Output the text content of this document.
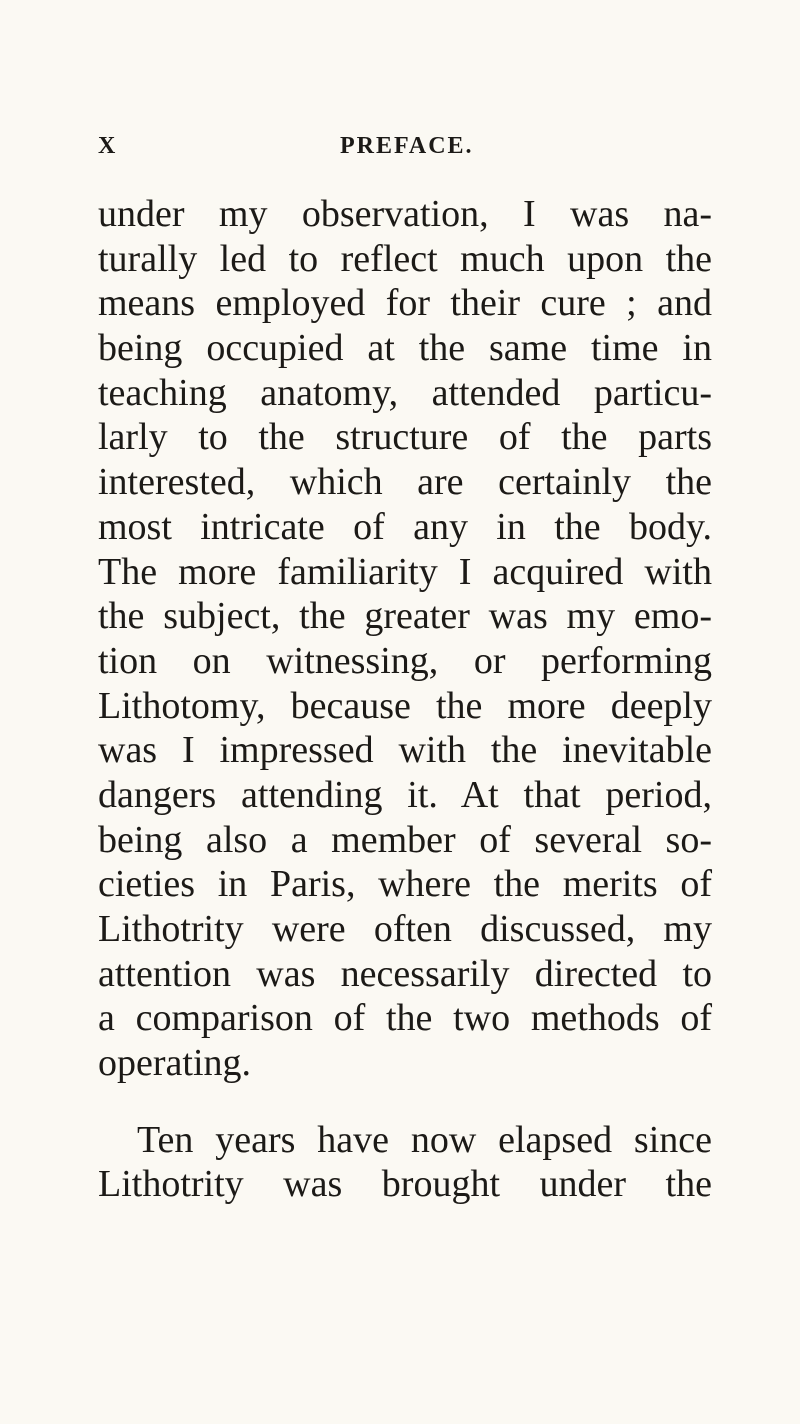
X	PREFACE.
under my observation, I was na-
turally led to reflect much upon the
means employed for their cure ; and
being occupied at the same time in
teaching anatomy, attended particu-
larly to the structure of the parts
interested, which are certainly the
most intricate of any in the body.
The more familiarity I acquired with
the subject, the greater was my emo-
tion on witnessing, or performing
Lithotomy, because the more deeply
was I impressed with the inevitable
dangers attending it. At that period,
being also a member of several so-
cieties in Paris, where the merits of
Lithotrity were often discussed, my
attention was necessarily directed to
a comparison of the two methods of
operating.
Ten years have now elapsed since
Lithotrity was brought under the
